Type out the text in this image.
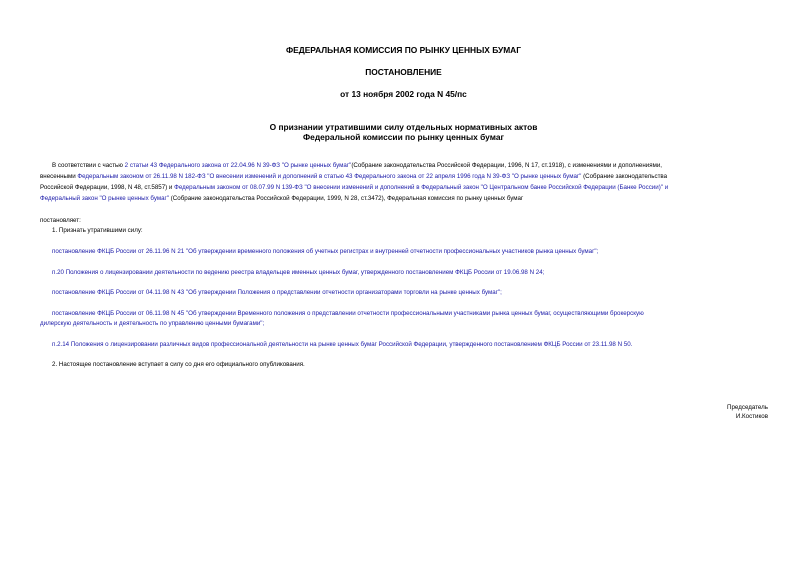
ФЕДЕРАЛЬНАЯ КОМИССИЯ ПО РЫНКУ ЦЕННЫХ БУМАГ
ПОСТАНОВЛЕНИЕ
от 13 ноября 2002 года N 45/пс
О признании утратившими силу отдельных нормативных актов
Федеральной комиссии по рынку ценных бумаг
В соответствии с частью 2 статьи 43 Федерального закона от 22.04.96 N 39-ФЗ "О рынке ценных бумаг"(Собрание законодательства Российской Федерации, 1996, N 17, ст.1918), с изменениями и дополнениями,
внесенными Федеральным законом от 26.11.98 N 182-ФЗ "О внесении изменений и дополнений в статью 43 Федерального закона от 22 апреля 1996 года N 39-ФЗ "О рынке ценных бумаг" (Собрание законодательства
Российской Федерации, 1998, N 48, ст.5857) и Федеральным законом от 08.07.99 N 139-ФЗ "О внесении изменений и дополнений в Федеральный закон "О Центральном банке Российской Федерации (Банке России)" и
Федеральный закон "О рынке ценных бумаг" (Собрание законодательства Российской Федерации, 1999, N 28, ст.3472), Федеральная комиссия по рынку ценных бумаг
постановляет:
1. Признать утратившими силу:
постановление ФКЦБ России от 26.11.96 N 21 "Об утверждении временного положения об учетных регистрах и внутренней отчетности профессиональных участников рынка ценных бумаг";
п.20 Положения о лицензировании деятельности по ведению реестра владельцев именных ценных бумаг, утвержденного постановлением ФКЦБ России от 19.06.98 N 24;
постановление ФКЦБ России от 04.11.98 N 43 "Об утверждении Положения о представлении отчетности организаторами торговли на рынке ценных бумаг";
постановление ФКЦБ России от 06.11.98 N 45 "Об утверждении Временного положения о представлении отчетности профессиональными участниками рынка ценных бумаг, осуществляющими брокерскую
дилерскую деятельность и деятельность по управлению ценными бумагами";
п.2.14 Положения о лицензировании различных видов профессиональной деятельности на рынке ценных бумаг Российской Федерации, утвержденного постановлением ФКЦБ России от 23.11.98 N 50.
2. Настоящее постановление вступает в силу со дня его официального опубликования.
Председатель
И.Костиков
